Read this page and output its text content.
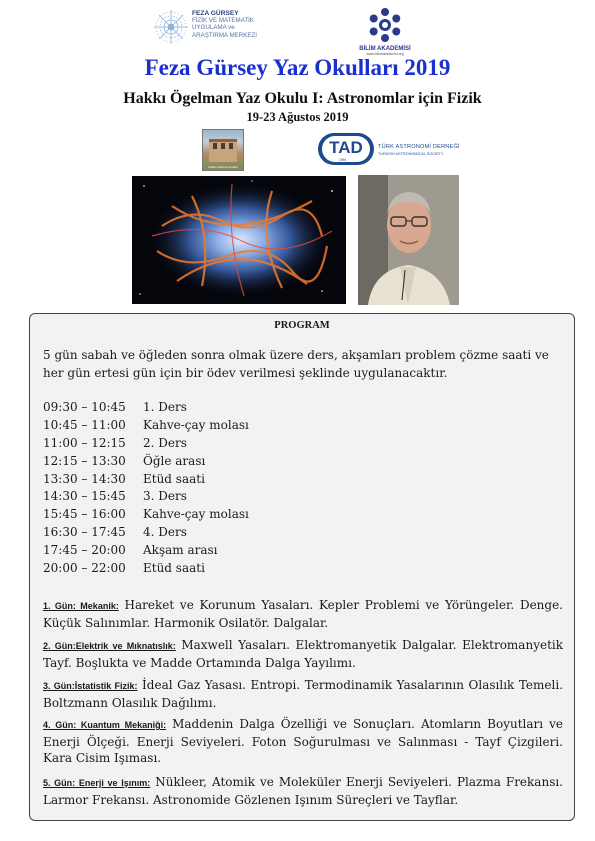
FEZA GÜRSEY
FİZİK VE MATEMATİK
UYGULAMA ve
ARAŞTIRMA MERKEZİ
BİLİM AKADEMİSİ
www.bilimakademisi.org
Feza Gürsey Yaz Okulları 2019
Hakkı Ögelman Yaz Okulu I: Astronomlar için Fizik
19-23 Ağustos 2019
Gaziköy Dinlenme Tesisleri
TAD
1996
TÜRK ASTRONOMİ DERNEĞİ
TURKISH ASTRONOMICAL SOCIETY
PROGRAM
5 gün sabah ve öğleden sonra olmak üzere ders, akşamları problem çözme saati ve her gün ertesi gün için bir ödev verilmesi şeklinde uygulanacaktır.
09:30 – 10:45 1. Ders
10:45 – 11:00 Kahve-çay molası
11:00 – 12:15 2. Ders
12:15 – 13:30 Öğle arası
13:30 – 14:30 Etüd saati
14:30 – 15:45 3. Ders
15:45 – 16:00 Kahve-çay molası
16:30 – 17:45 4. Ders
17:45 – 20:00 Akşam arası
20:00 – 22:00 Etüd saati
1. Gün: Mekanik: Hareket ve Korunum Yasaları. Kepler Problemi ve Yörüngeler. Denge. Küçük Salınımlar. Harmonik Osilatör. Dalgalar.
2. Gün:Elektrik ve Mıknatıslık: Maxwell Yasaları. Elektromanyetik Dalgalar. Elektromanyetik Tayf. Boşlukta ve Madde Ortamında Dalga Yayılımı.
3. Gün:İstatistik Fizik: İdeal Gaz Yasası. Entropi. Termodinamik Yasalarının Olasılık Temeli. Boltzmann Olasılık Dağılımı.
4. Gün: Kuantum Mekaniği: Maddenin Dalga Özelliği ve Sonuçları. Atomların Boyutları ve Enerji Ölçeği. Enerji Seviyeleri. Foton Soğurulması ve Salınması - Tayf Çizgileri. Kara Cisim Işıması.
5. Gün: Enerji ve Işınım: Nükleer, Atomik ve Moleküler Enerji Seviyeleri. Plazma Frekansı. Larmor Frekansı. Astronomide Gözlenen Işınım Süreçleri ve Tayflar.
